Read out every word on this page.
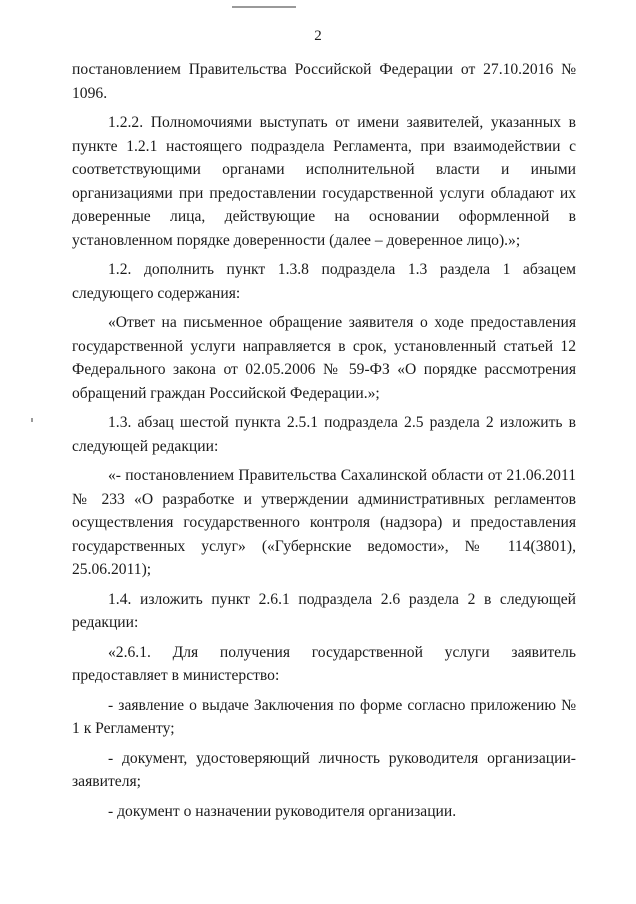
2

постановлением Правительства Российской Федерации от 27.10.2016 № 1096.

1.2.2. Полномочиями выступать от имени заявителей, указанных в пункте 1.2.1 настоящего подраздела Регламента, при взаимодействии с соответствующими органами исполнительной власти и иными организациями при предоставлении государственной услуги обладают их доверенные лица, действующие на основании оформленной в установленном порядке доверенности (далее – доверенное лицо).»;

1.2. дополнить пункт 1.3.8 подраздела 1.3 раздела 1 абзацем следующего содержания:

«Ответ на письменное обращение заявителя о ходе предоставления государственной услуги направляется в срок, установленный статьей 12 Федерального закона от 02.05.2006 № 59-ФЗ «О порядке рассмотрения обращений граждан Российской Федерации.»;

1.3. абзац шестой пункта 2.5.1 подраздела 2.5 раздела 2 изложить в следующей редакции:

«- постановлением Правительства Сахалинской области от 21.06.2011 № 233 «О разработке и утверждении административных регламентов осуществления государственного контроля (надзора) и предоставления государственных услуг» («Губернские ведомости», № 114(3801), 25.06.2011);

1.4. изложить пункт 2.6.1 подраздела 2.6 раздела 2 в следующей редакции:

«2.6.1. Для получения государственной услуги заявитель предоставляет в министерство:

- заявление о выдаче Заключения по форме согласно приложению № 1 к Регламенту;

- документ, удостоверяющий личность руководителя организации-заявителя;

- документ о назначении руководителя организации.
